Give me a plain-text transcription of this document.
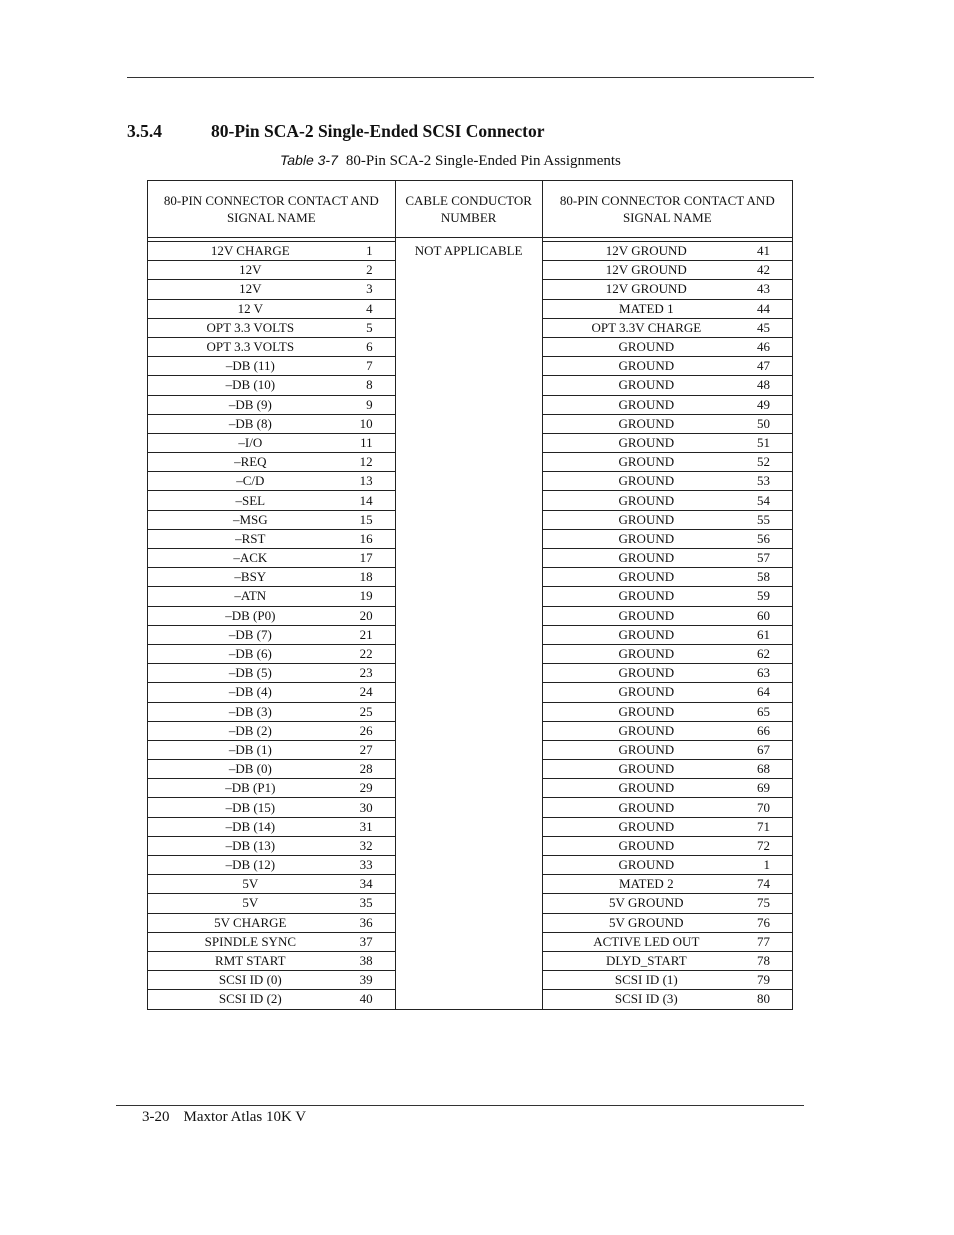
3.5.4	80-Pin SCA-2 Single-Ended SCSI Connector
Table 3-7 80-Pin SCA-2 Single-Ended Pin Assignments
80-PIN CONNECTOR CONTACT AND SIGNAL NAME		CABLE CONDUCTOR NUMBER	80-PIN CONNECTOR CONTACT AND SIGNAL NAME	

12V CHARGE	1	NOT APPLICABLE	12V GROUND	41
12V	2		12V GROUND	42
12V	3		12V GROUND	43
12 V	4		MATED 1	44
OPT 3.3 VOLTS	5		OPT 3.3V CHARGE	45
OPT 3.3 VOLTS	6		GROUND	46
–DB (11)	7		GROUND	47
–DB (10)	8		GROUND	48
–DB (9)	9		GROUND	49
–DB (8)	10		GROUND	50
–I/O	11		GROUND	51
–REQ	12		GROUND	52
–C/D	13		GROUND	53
–SEL	14		GROUND	54
–MSG	15		GROUND	55
–RST	16		GROUND	56
–ACK	17		GROUND	57
–BSY	18		GROUND	58
–ATN	19		GROUND	59
–DB (P0)	20		GROUND	60
–DB (7)	21		GROUND	61
–DB (6)	22		GROUND	62
–DB (5)	23		GROUND	63
–DB (4)	24		GROUND	64
–DB (3)	25		GROUND	65
–DB (2)	26		GROUND	66
–DB (1)	27		GROUND	67
–DB (0)	28		GROUND	68
–DB (P1)	29		GROUND	69
–DB (15)	30		GROUND	70
–DB (14)	31		GROUND	71
–DB (13)	32		GROUND	72
–DB (12)	33		GROUND	1
5V	34		MATED 2	74
5V	35		5V GROUND	75
5V CHARGE	36		5V GROUND	76
SPINDLE SYNC	37		ACTIVE LED OUT	77
RMT START	38		DLYD_START	78
SCSI ID (0)	39		SCSI ID (1)	79
SCSI ID (2)	40		SCSI ID (3)	80
3-20 Maxtor Atlas 10K V
